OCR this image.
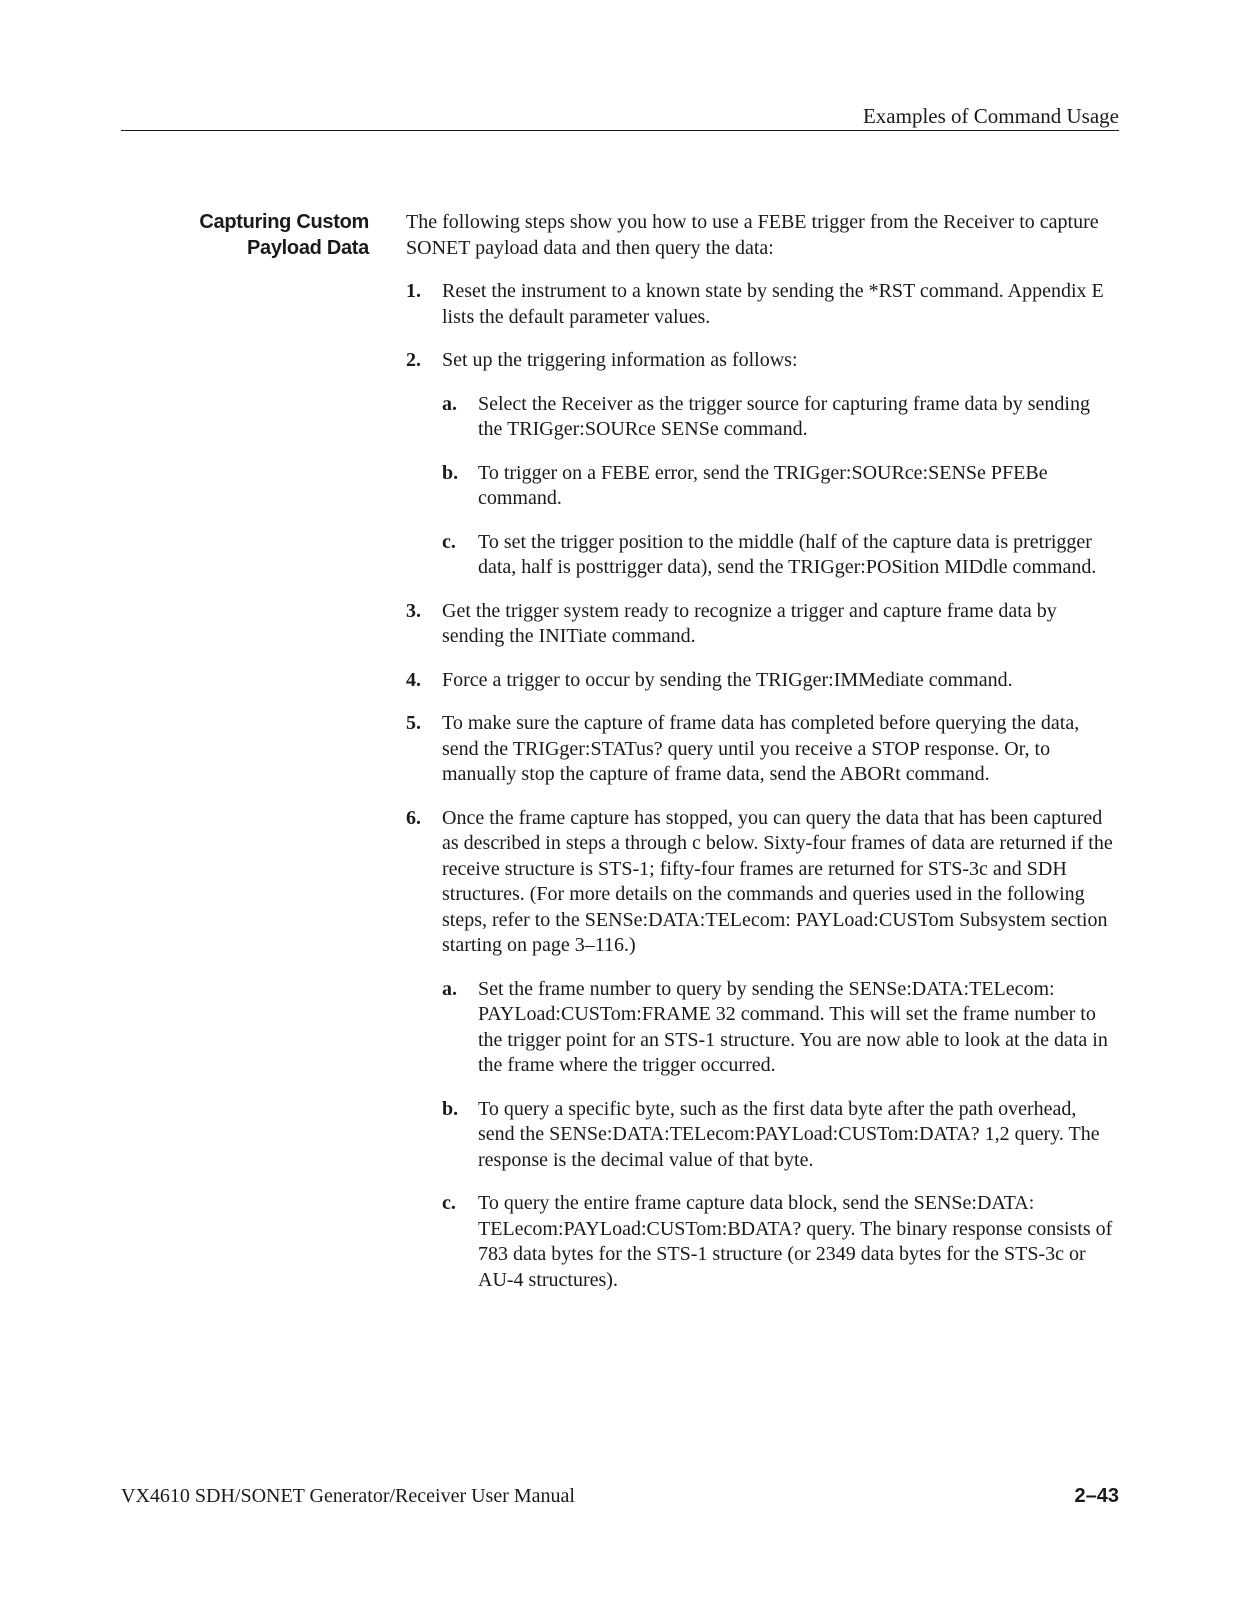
Examples of Command Usage
Capturing Custom
Payload Data

The following steps show you how to use a FEBE trigger from the Receiver to capture SONET payload data and then query the data:

1.	Reset the instrument to a known state by sending the *RST command. Appendix E lists the default parameter values.
2.	Set up the triggering information as follows:
a.	Select the Receiver as the trigger source for capturing frame data by sending the TRIGger:SOURce SENSe command.
b. To trigger on a FEBE error, send the TRIGger:SOURce:SENSe PFEBe command.
c.	To set the trigger position to the middle (half of the capture data is pretrigger data, half is posttrigger data), send the TRIGger:POSition MIDdle command.
3.	Get the trigger system ready to recognize a trigger and capture frame data by sending the INITiate command.
4.	Force a trigger to occur by sending the TRIGger:IMMediate command.
5.	To make sure the capture of frame data has completed before querying the data, send the TRIGger:STATus? query until you receive a STOP response. Or, to manually stop the capture of frame data, send the ABORt command.
6.	Once the frame capture has stopped, you can query the data that has been captured as described in steps a through c below. Sixty-four frames of data are returned if the receive structure is STS-1; fifty-four frames are returned for STS-3c and SDH structures. (For more details on the commands and queries used in the following steps, refer to the SENSe:DATA:TELecom: PAYLoad:CUSTom Subsystem section starting on page 3–116.)
a.	Set the frame number to query by sending the SENSe:DATA:TELecom: PAYLoad:CUSTom:FRAME 32 command. This will set the frame number to the trigger point for an STS-1 structure. You are now able to look at the data in the frame where the trigger occurred.
b. To query a specific byte, such as the first data byte after the path overhead, send the SENSe:DATA:TELecom:PAYLoad:CUSTom:DATA? 1,2 query. The response is the decimal value of that byte.
c.	To query the entire frame capture data block, send the SENSe:DATA: TELecom:PAYLoad:CUSTom:BDATA? query. The binary response consists of 783 data bytes for the STS-1 structure (or 2349 data bytes for the STS-3c or AU-4 structures).
VX4610 SDH/SONET Generator/Receiver User Manual	2–43
